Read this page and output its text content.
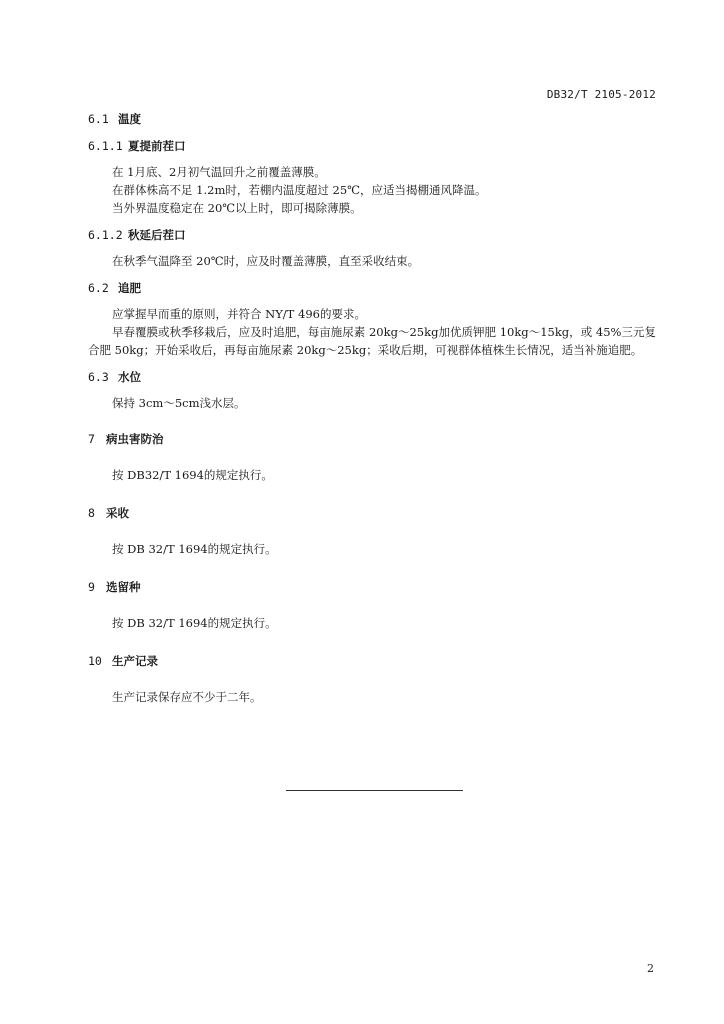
DB32/T 2105-2012
6.1 温度
6.1.1 夏提前茬口

在 1月底、2月初气温回升之前覆盖薄膜。

在群体株高不足 1.2m时，若棚内温度超过 25℃，应适当揭棚通风降温。

当外界温度稳定在 20℃以上时，即可揭除薄膜。

6.1.2 秋延后茬口

在秋季气温降至 20℃时，应及时覆盖薄膜，直至采收结束。

6.2 追肥

应掌握早而重的原则，并符合 NY/T 496的要求。

早春覆膜或秋季移栽后，应及时追肥，每亩施尿素 20kg～25kg加优质钾肥 10kg～15kg，或 45%三元复合肥 50kg；开始采收后，再每亩施尿素 20kg～25kg；采收后期，可视群体植株生长情况，适当补施追肥。

6.3 水位

保持 3cm～5cm浅水层。

7 病虫害防治

按 DB32/T 1694的规定执行。

8 采收

按 DB 32/T 1694的规定执行。

9 选留种

按 DB 32/T 1694的规定执行。

10 生产记录

生产记录保存应不少于二年。

2
